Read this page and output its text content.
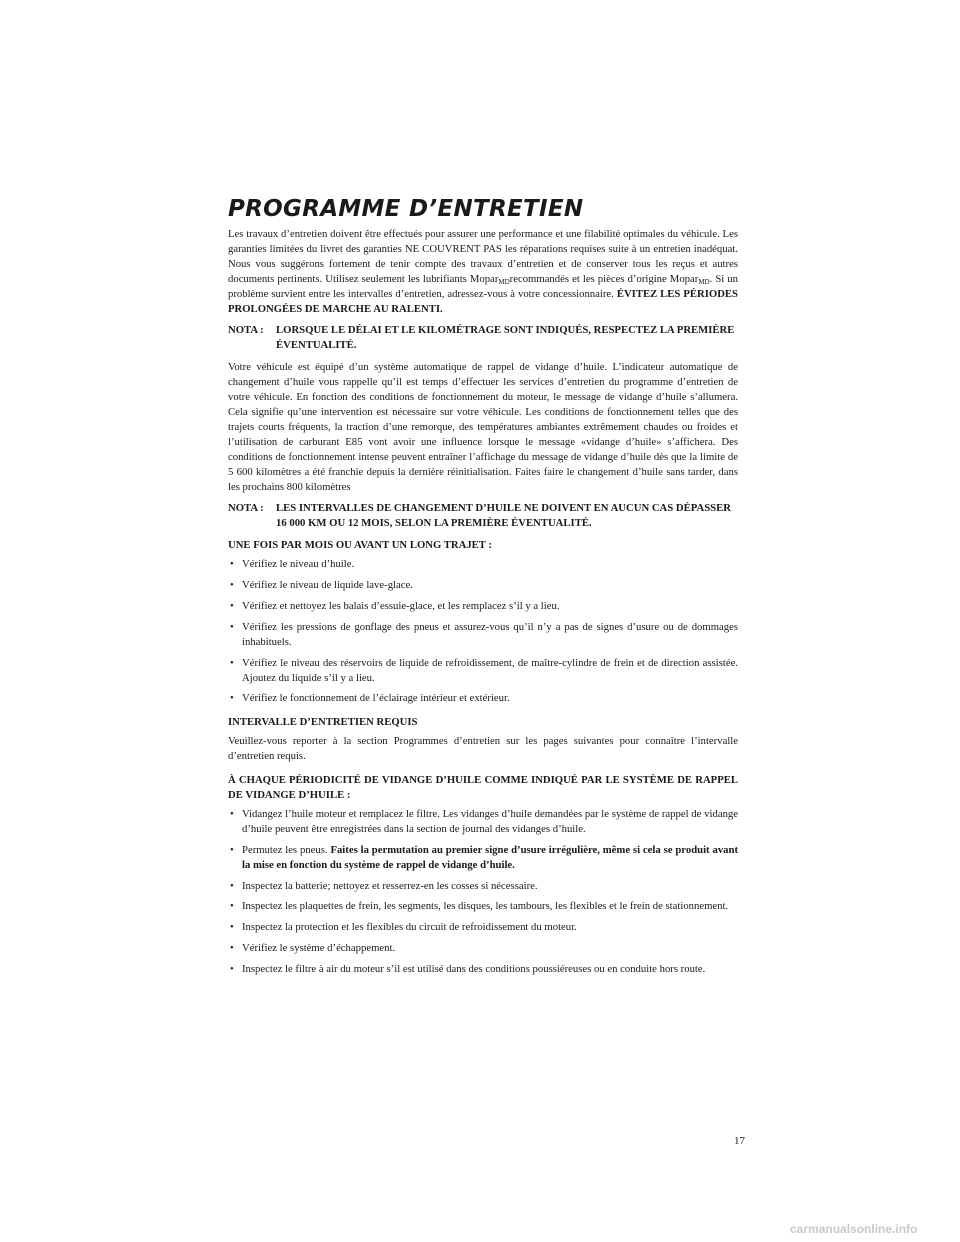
PROGRAMME D’ENTRETIEN

Les travaux d’entretien doivent être effectués pour assurer une performance et une filabilité optimales du véhicule. Les garanties limitées du livret des garanties NE COUVRENT PAS les réparations requises suite à un entretien inadéquat. Nous vous suggérons fortement de tenir compte des travaux d’entretien et de conserver tous les reçus et autres documents pertinents. Utilisez seulement les lubrifiants Mopar$_{MD}$recommandés et les pièces d’origine Mopar$_{MD}$. Si un problème survient entre les intervalles d’entretien, adressez-vous à votre concessionnaire. ÉVITEZ LES PÉRIODES PROLONGÉES DE MARCHE AU RALENTI.

NOTA : LORSQUE LE DÉLAI ET LE KILOMÉTRAGE SONT INDIQUÉS, RESPECTEZ LA PREMIÈRE ÉVENTUALITÉ.

Votre véhicule est équipé d’un système automatique de rappel de vidange d’huile. L’indicateur automatique de changement d’huile vous rappelle qu’il est temps d’effectuer les services d’entretien du programme d’entretien de votre véhicule. En fonction des conditions de fonctionnement du moteur, le message de vidange d’huile s’allumera. Cela signifie qu’une intervention est nécessaire sur votre véhicule. Les conditions de fonctionnement telles que des trajets courts fréquents, la traction d’une remorque, des températures ambiantes extrêmement chaudes ou froides et l’utilisation de carburant E85 vont avoir une influence lorsque le message «vidange d’huile» s’affichera. Des conditions de fonctionnement intense peuvent entraîner l’affichage du message de vidange d’huile dès que la limite de 5 600 kilomètres a été franchie depuis la dernière réinitialisation. Faites faire le changement d’huile sans tarder, dans les prochains 800 kilomètres

NOTA : LES INTERVALLES DE CHANGEMENT D’HUILE NE DOIVENT EN AUCUN CAS DÉPASSER 16 000 KM OU 12 MOIS, SELON LA PREMIÈRE ÉVENTUALITÉ.
UNE FOIS PAR MOIS OU AVANT UN LONG TRAJET :
• Vérifiez le niveau d’huile.
• Vérifiez le niveau de liquide lave-glace.
• Vérifiez et nettoyez les balais d’essuie-glace, et les remplacez s’il y a lieu.
• Vérifiez les pressions de gonflage des pneus et assurez-vous qu’il n’y a pas de signes d’usure ou de dommages inhabituels.
• Vérifiez le niveau des réservoirs de liquide de refroidissement, de maître-cylindre de frein et de direction assistée. Ajoutez du liquide s’il y a lieu.
• Vérifiez le fonctionnement de l’éclairage intérieur et extérieur.
INTERVALLE D’ENTRETIEN REQUIS

Veuillez-vous reporter à la section Programmes d’entretien sur les pages suivantes pour connaître l’intervalle d’entretien requis.

À CHAQUE PÉRIODICITÉ DE VIDANGE D’HUILE COMME INDIQUÉ PAR LE SYSTÈME DE RAPPEL DE VIDANGE D’HUILE :
• Vidangez l’huile moteur et remplacez le filtre. Les vidanges d’huile demandées par le système de rappel de vidange d’huile peuvent être enregistrées dans la section de journal des vidanges d’huile.
• Permutez les pneus. Faites la permutation au premier signe d’usure irrégulière, même si cela se produit avant la mise en fonction du système de rappel de vidange d’huile.
• Inspectez la batterie; nettoyez et resserrez-en les cosses si nécessaire.
• Inspectez les plaquettes de frein, les segments, les disques, les tambours, les flexibles et le frein de stationnement.
• Inspectez la protection et les flexibles du circuit de refroidissement du moteur.
• Vérifiez le système d’échappement.
• Inspectez le filtre à air du moteur s’il est utilisé dans des conditions poussiéreuses ou en conduite hors route.
17
carmanualsonline.info
